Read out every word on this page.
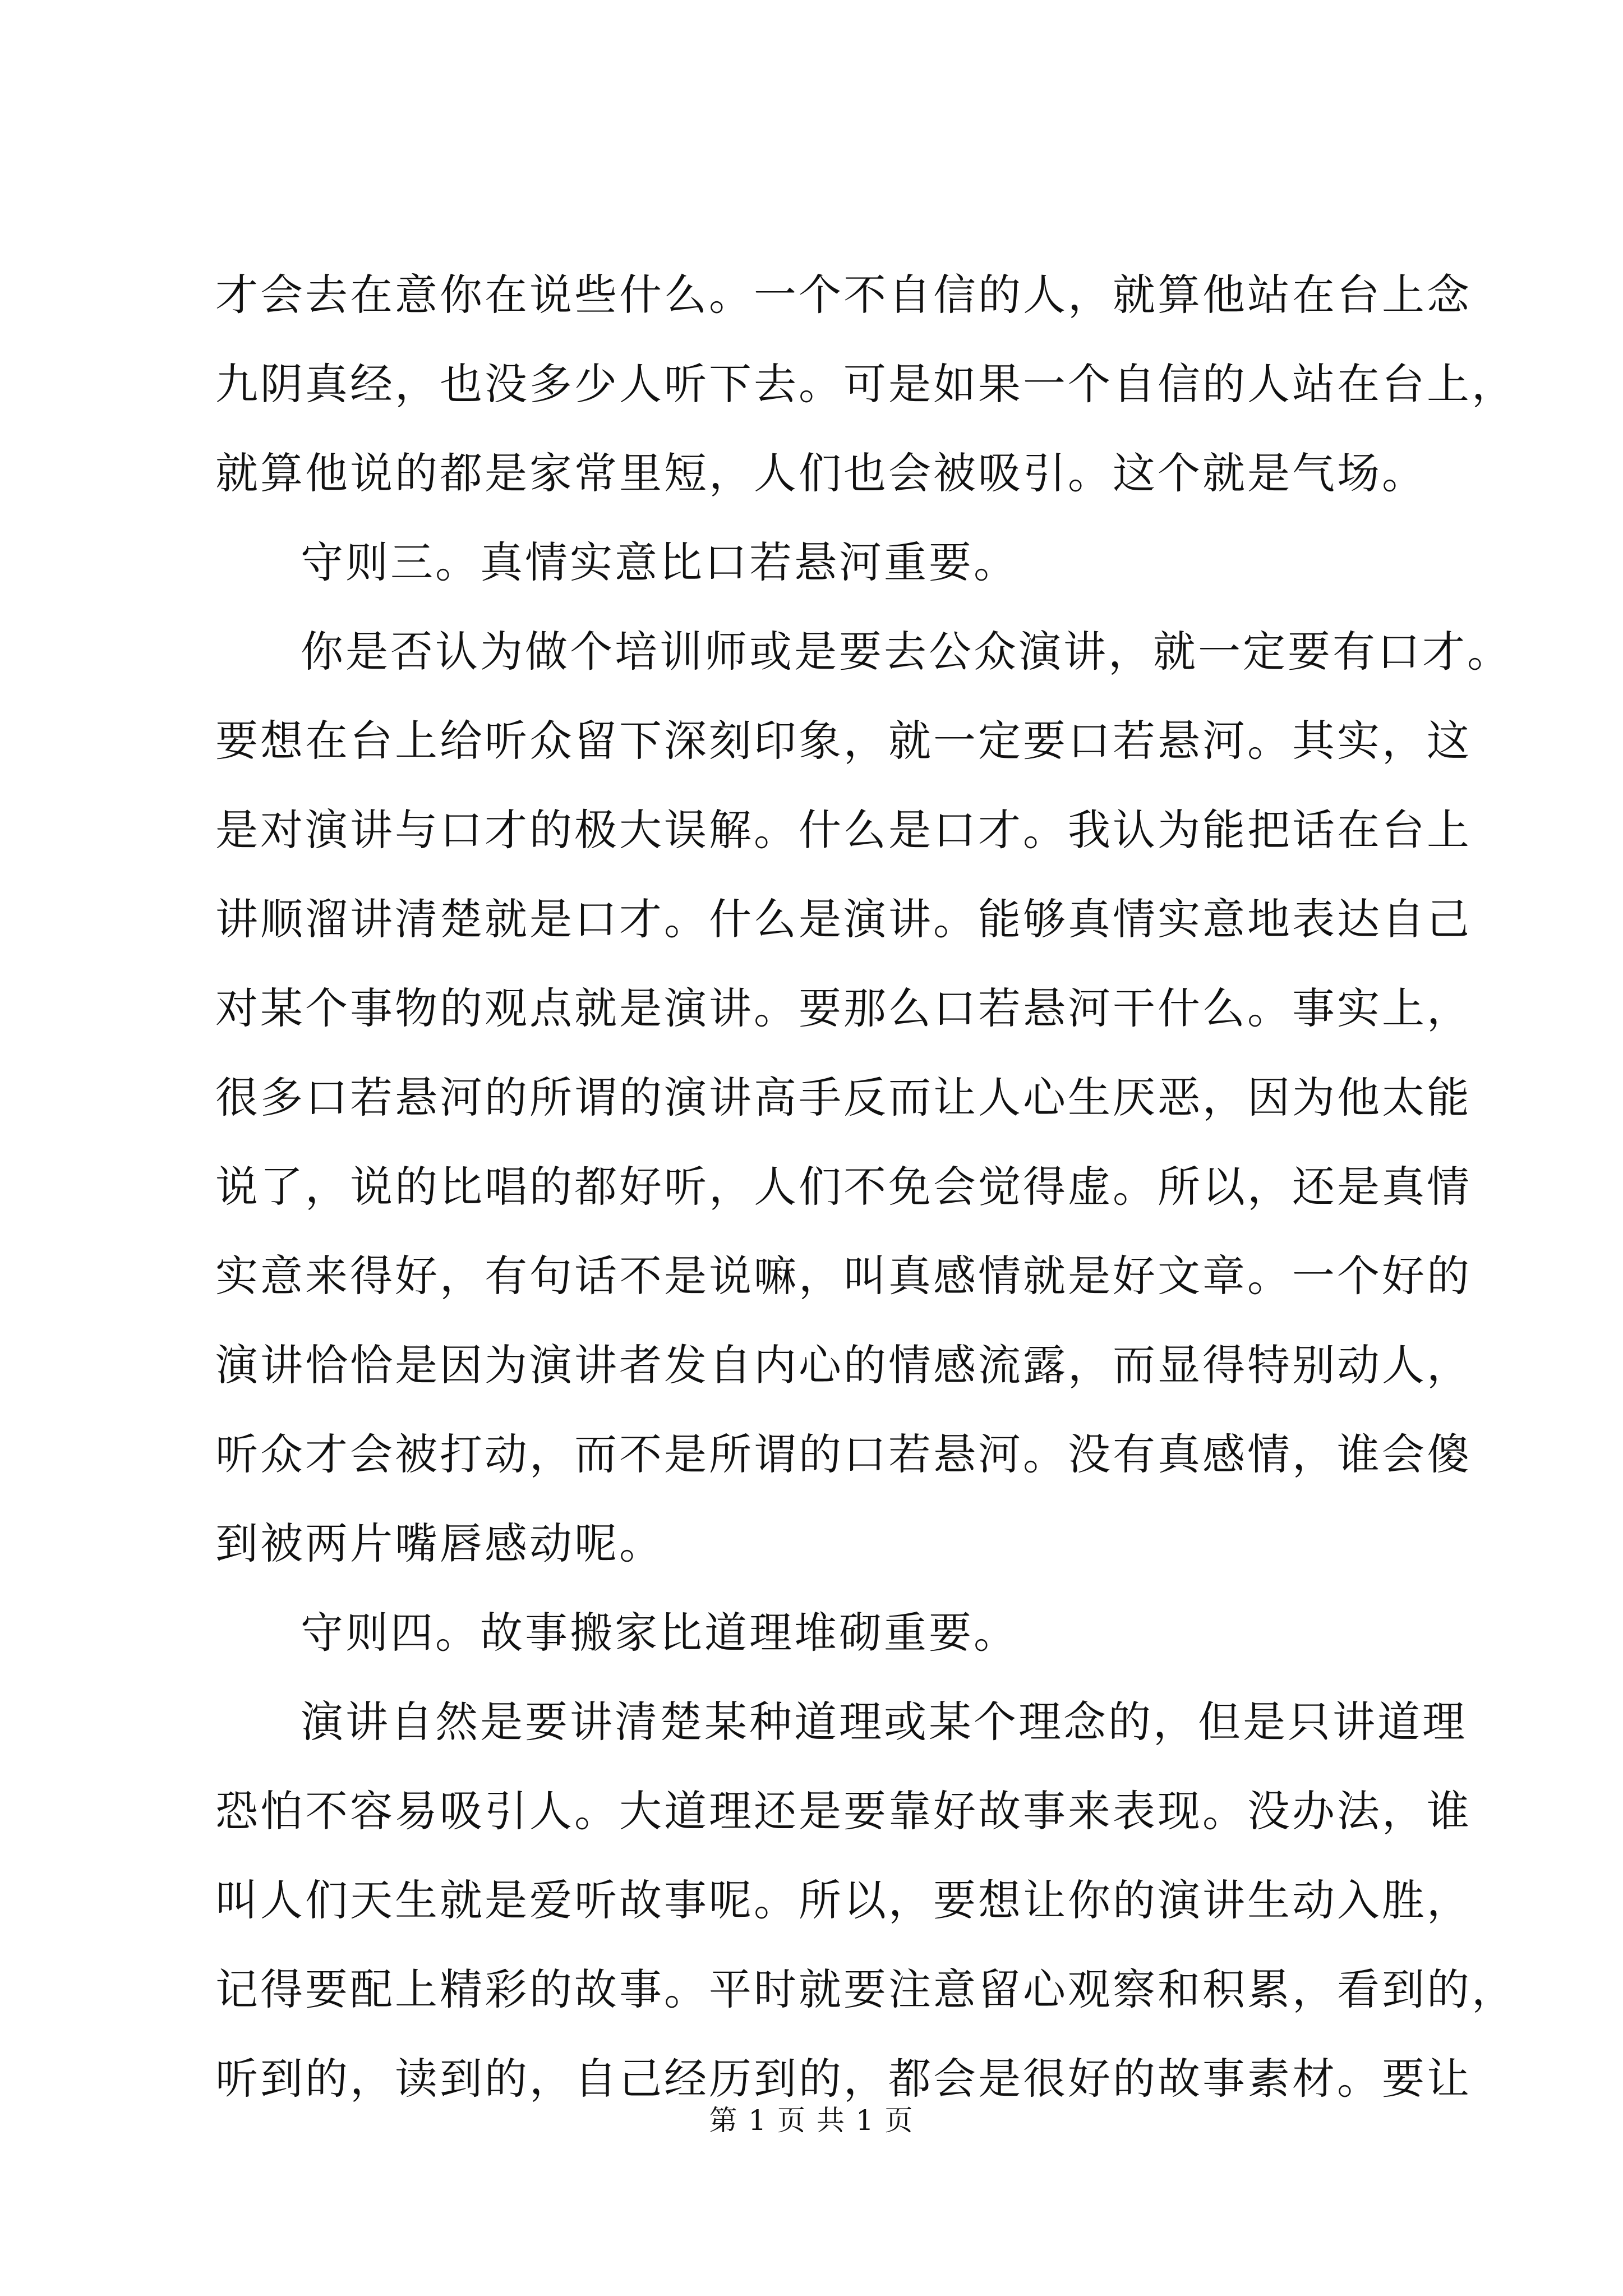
才会去在意你在说些什么。一个不自信的人，就算他站在台上念
九阴真经，也没多少人听下去。可是如果一个自信的人站在台上，
就算他说的都是家常里短，人们也会被吸引。这个就是气场。
守则三。真情实意比口若悬河重要。
你是否认为做个培训师或是要去公众演讲，就一定要有口才。
要想在台上给听众留下深刻印象，就一定要口若悬河。其实，这
是对演讲与口才的极大误解。什么是口才。我认为能把话在台上
讲顺溜讲清楚就是口才。什么是演讲。能够真情实意地表达自己
对某个事物的观点就是演讲。要那么口若悬河干什么。事实上，
很多口若悬河的所谓的演讲高手反而让人心生厌恶，因为他太能
说了，说的比唱的都好听，人们不免会觉得虚。所以，还是真情
实意来得好，有句话不是说嘛，叫真感情就是好文章。一个好的
演讲恰恰是因为演讲者发自内心的情感流露，而显得特别动人，
听众才会被打动，而不是所谓的口若悬河。没有真感情，谁会傻
到被两片嘴唇感动呢。
守则四。故事搬家比道理堆砌重要。
演讲自然是要讲清楚某种道理或某个理念的，但是只讲道理
恐怕不容易吸引人。大道理还是要靠好故事来表现。没办法，谁
叫人们天生就是爱听故事呢。所以，要想让你的演讲生动入胜，
记得要配上精彩的故事。平时就要注意留心观察和积累，看到的，
听到的，读到的，自己经历到的，都会是很好的故事素材。要让
第 1 页 共 1 页
